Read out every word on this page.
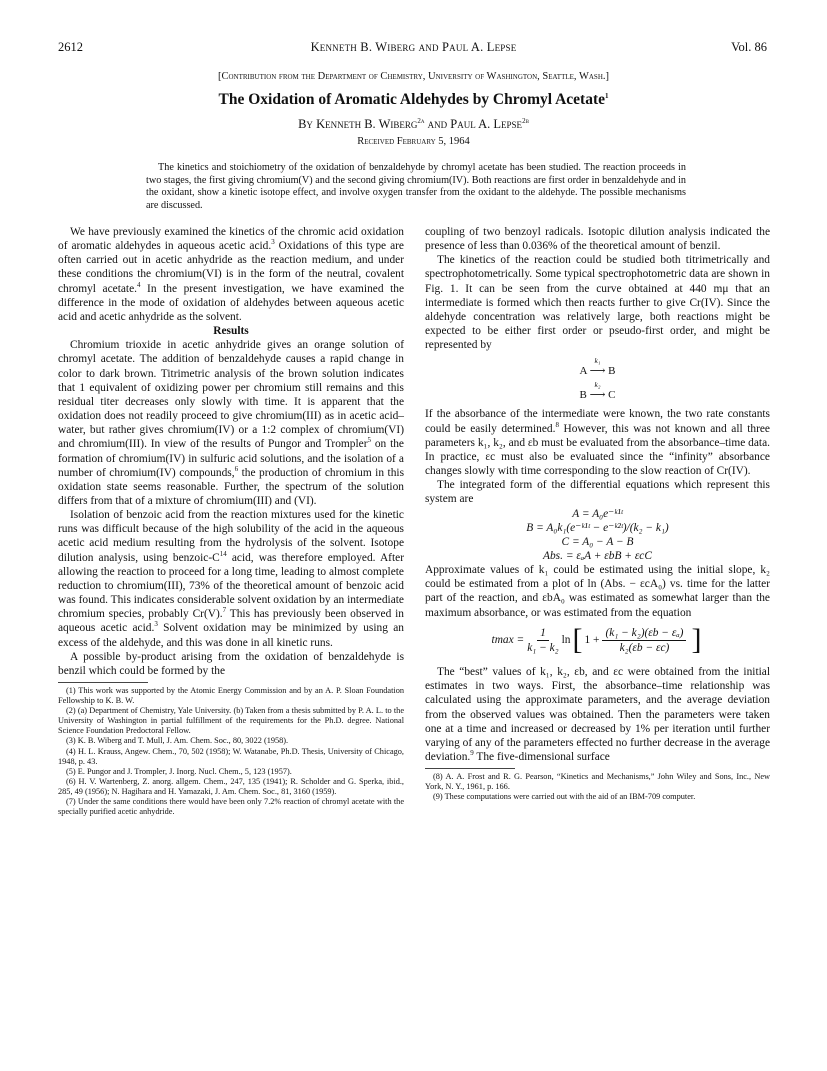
2612	Kenneth B. Wiberg and Paul A. Lepse	Vol. 86
[Contribution from the Department of Chemistry, University of Washington, Seattle, Wash.]
The Oxidation of Aromatic Aldehydes by Chromyl Acetate$^1$
By Kenneth B. Wiberg$^{2a}$ and Paul A. Lepse$^{2b}$
Received February 5, 1964
The kinetics and stoichiometry of the oxidation of benzaldehyde by chromyl acetate has been studied. The reaction proceeds in two stages, the first giving chromium(V) and the second giving chromium(IV). Both reactions are first order in benzaldehyde and in the oxidant, show a kinetic isotope effect, and involve oxygen transfer from the oxidant to the aldehyde. The possible mechanisms are discussed.

We have previously examined the kinetics of the chromic acid oxidation of aromatic aldehydes in aqueous acetic acid.$^3$ Oxidations of this type are often carried out in acetic anhydride as the reaction medium, and under these conditions the chromium(VI) is in the form of the neutral, covalent chromyl acetate.$^4$ In the present investigation, we have examined the difference in the mode of oxidation of aldehydes between aqueous acetic acid and acetic anhydride as the solvent.

Results

Chromium trioxide in acetic anhydride gives an orange solution of chromyl acetate. The addition of benzaldehyde causes a rapid change in color to dark brown. Titrimetric analysis of the brown solution indicates that 1 equivalent of oxidizing power per chromium still remains and this residual titer decreases only slowly with time. It is apparent that the oxidation does not readily proceed to give chromium(III) as in acetic acid–water, but rather gives chromium(IV) or a 1:2 complex of chromium(VI) and chromium(III). In view of the results of Pungor and Trompler$^5$ on the formation of chromium(IV) in sulfuric acid solutions, and the isolation of a number of chromium(IV) compounds,$^6$ the production of chromium in this oxidation state seems reasonable. Further, the spectrum of the solution differs from that of a mixture of chromium(III) and (VI).

Isolation of benzoic acid from the reaction mixtures used for the kinetic runs was difficult because of the high solubility of the acid in the aqueous acetic acid medium resulting from the hydrolysis of the solvent. Isotope dilution analysis, using benzoic-$C^{14}$ acid, was therefore employed. After allowing the reaction to proceed for a long time, leading to almost complete reduction to chromium(III), 73% of the theoretical amount of benzoic acid was found. This indicates considerable solvent oxidation by an intermediate chromium species, probably Cr(V).$^7$ This has previously been observed in aqueous acetic acid.$^3$ Solvent oxidation may be minimized by using an excess of the aldehyde, and this was done in all kinetic runs.

A possible by-product arising from the oxidation of benzaldehyde is benzil which could be formed by the

(1) This work was supported by the Atomic Energy Commission and by an A. P. Sloan Foundation Fellowship to K. B. W.

(2) (a) Department of Chemistry, Yale University. (b) Taken from a thesis submitted by P. A. L. to the University of Washington in partial fulfillment of the requirements for the Ph.D. degree. National Science Foundation Predoctoral Fellow.

(3) K. B. Wiberg and T. Mull, J. Am. Chem. Soc., 80, 3022 (1958).

(4) H. L. Krauss, Angew. Chem., 70, 502 (1958); W. Watanabe, Ph.D. Thesis, University of Chicago, 1948, p. 43.

(5) E. Pungor and J. Trompler, J. Inorg. Nucl. Chem., 5, 123 (1957).

(6) H. V. Wartenberg, Z. anorg. allgem. Chem., 247, 135 (1941); R. Scholder and G. Sperka, ibid., 285, 49 (1956); N. Hagihara and H. Yamazaki, J. Am. Chem. Soc., 81, 3160 (1959).

(7) Under the same conditions there would have been only 7.2% reaction of chromyl acetate with the specially purified acetic anhydride.

coupling of two benzoyl radicals. Isotopic dilution analysis indicated the presence of less than 0.036% of the theoretical amount of benzil.

The kinetics of the reaction could be studied both titrimetrically and spectrophotometrically. Some typical spectrophotometric data are shown in Fig. 1. It can be seen from the curve obtained at 440 mμ that an intermediate is formed which then reacts further to give Cr(IV). Since the aldehyde concentration was relatively large, both reactions might be expected to be either first order or pseudo-first order, and might be represented by

A
k₁
⟶ B
B
k₂
⟶ C

If the absorbance of the intermediate were known, the two rate constants could be easily determined.$^8$ However, this was not known and all three parameters k₁, k₂, and εb must be evaluated from the absorbance–time data. In practice, εc must also be evaluated since the “infinity” absorbance changes slowly with time corresponding to the slow reaction of Cr(IV).

The integrated form of the differential equations which represent this system are

A = A₀e⁻ᵏ¹ᵗ

B = A₀k₁(e⁻ᵏ¹ᵗ − e⁻ᵏ²ᵗ)/(k₂ − k₁)

C = A₀ − A − B

Abs. = εₐA + εbB + εcC

Approximate values of k₁ could be estimated using the initial slope, k₂ could be estimated from a plot of ln (Abs. − εcA₀) vs. time for the latter part of the reaction, and εbA₀ was estimated as somewhat larger than the maximum absorbance, or was estimated from the equation

$tmax = \frac{1}{\text{k₁ − k₂}}$ ln [ $1 + \frac{\text{(k₁ − k₂)(εb − εₐ)}}{\text{k₂(εb − εc)}}$ ]

The “best” values of k₁, k₂, εb, and εc were obtained from the initial estimates in two ways. First, the absorbance–time relationship was calculated using the approximate parameters, and the average deviation from the observed values was obtained. Then the parameters were taken one at a time and increased or decreased by 1% per iteration until further varying of any of the parameters effected no further decrease in the average deviation.$^9$ The five-dimensional surface

(8) A. A. Frost and R. G. Pearson, “Kinetics and Mechanisms,” John Wiley and Sons, Inc., New York, N. Y., 1961, p. 166.

(9) These computations were carried out with the aid of an IBM-709 computer.
